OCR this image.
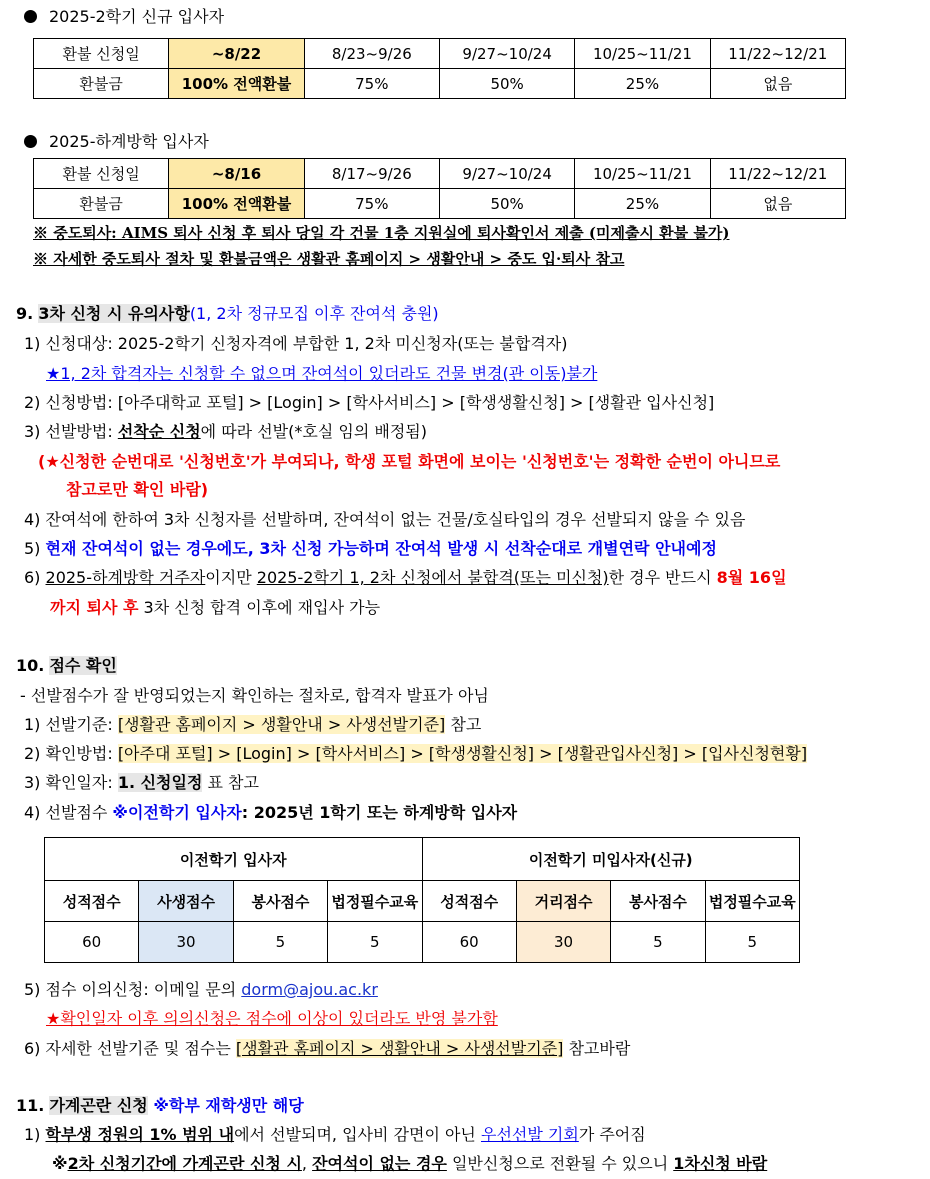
2025-2학기 신규 입사자
환불 신청일	~8/22	8/23~9/26	9/27~10/24	10/25~11/21	11/22~12/21
환불금	100% 전액환불	75%	50%	25%	없음
2025-하계방학 입사자
환불 신청일	~8/16	8/17~9/26	9/27~10/24	10/25~11/21	11/22~12/21
환불금	100% 전액환불	75%	50%	25%	없음
※ 중도퇴사: AIMS 퇴사 신청 후 퇴사 당일 각 건물 1층 지원실에 퇴사확인서 제출 (미제출시 환불 불가)
※ 자세한 중도퇴사 절차 및 환불금액은 생활관 홈페이지 > 생활안내 > 중도 입·퇴사 참고
9. 3차 신청 시 유의사항(1, 2차 정규모집 이후 잔여석 충원)
1) 신청대상: 2025-2학기 신청자격에 부합한 1, 2차 미신청자(또는 불합격자)
★1, 2차 합격자는 신청할 수 없으며 잔여석이 있더라도 건물 변경(관 이동)불가
2) 신청방법: [아주대학교 포털] > [Login] > [학사서비스] > [학생생활신청] > [생활관 입사신청]
3) 선발방법: 선착순 신청에 따라 선발(*호실 임의 배정됨)
(★신청한 순번대로 '신청번호'가 부여되나, 학생 포털 화면에 보이는 '신청번호'는 정확한 순번이 아니므로
참고로만 확인 바람)
4) 잔여석에 한하여 3차 신청자를 선발하며, 잔여석이 없는 건물/호실타입의 경우 선발되지 않을 수 있음
5) 현재 잔여석이 없는 경우에도, 3차 신청 가능하며 잔여석 발생 시 선착순대로 개별연락 안내예정
6) 2025-하계방학 거주자이지만 2025-2학기 1, 2차 신청에서 불합격(또는 미신청)한 경우 반드시 8월 16일
까지 퇴사 후 3차 신청 합격 이후에 재입사 가능
10. 점수 확인
- 선발점수가 잘 반영되었는지 확인하는 절차로, 합격자 발표가 아님
1) 선발기준: [생활관 홈페이지 > 생활안내 > 사생선발기준] 참고
2) 확인방법: [아주대 포털] > [Login] > [학사서비스] > [학생생활신청] > [생활관입사신청] > [입사신청현황]
3) 확인일자: 1. 신청일정 표 참고
4) 선발점수 ※이전학기 입사자: 2025년 1학기 또는 하계방학 입사자
이전학기 입사자				이전학기 미입사자(신규)			
성적점수	사생점수	봉사점수	법정필수교육	성적점수	거리점수	봉사점수	법정필수교육
60	30	5	5	60	30	5	5
5) 점수 이의신청: 이메일 문의 dorm@ajou.ac.kr
★확인일자 이후 의의신청은 점수에 이상이 있더라도 반영 불가함
6) 자세한 선발기준 및 점수는 [생활관 홈페이지 > 생활안내 > 사생선발기준] 참고바람
11. 가계곤란 신청 ※학부 재학생만 해당
1) 학부생 정원의 1% 범위 내에서 선발되며, 입사비 감면이 아닌 우선선발 기회가 주어짐
※2차 신청기간에 가계곤란 신청 시, 잔여석이 없는 경우 일반신청으로 전환될 수 있으니 1차신청 바람
